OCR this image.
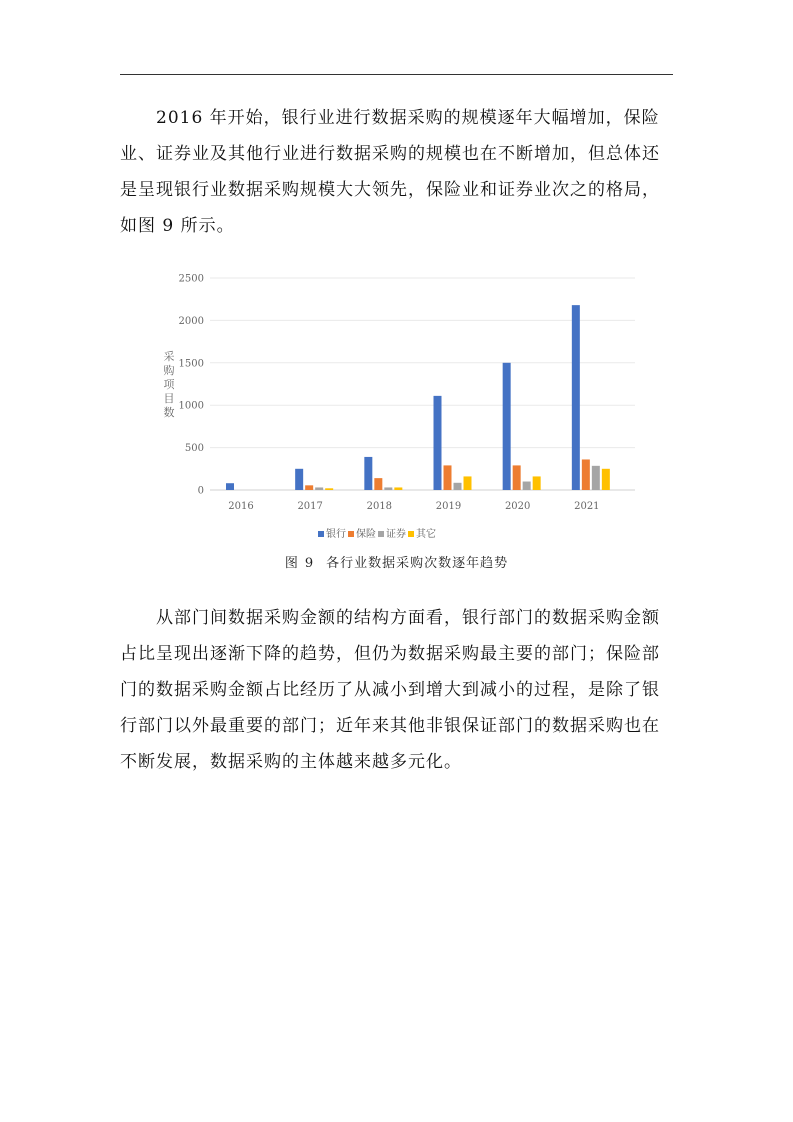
2016 年开始，银行业进行数据采购的规模逐年大幅增加，保险
业、证券业及其他行业进行数据采购的规模也在不断增加，但总体还
是呈现银行业数据采购规模大大领先，保险业和证券业次之的格局，
如图 9 所示。

0
500
1000
1500
2000
2500
2016	2017	2018	2019	2020	2021
采购项目数
银行 保险 证券 其它
图 9 各行业数据采购次数逐年趋势

从部门间数据采购金额的结构方面看，银行部门的数据采购金额
占比呈现出逐渐下降的趋势，但仍为数据采购最主要的部门；保险部
门的数据采购金额占比经历了从减小到增大到减小的过程，是除了银
行部门以外最重要的部门；近年来其他非银保证部门的数据采购也在
不断发展，数据采购的主体越来越多元化。
